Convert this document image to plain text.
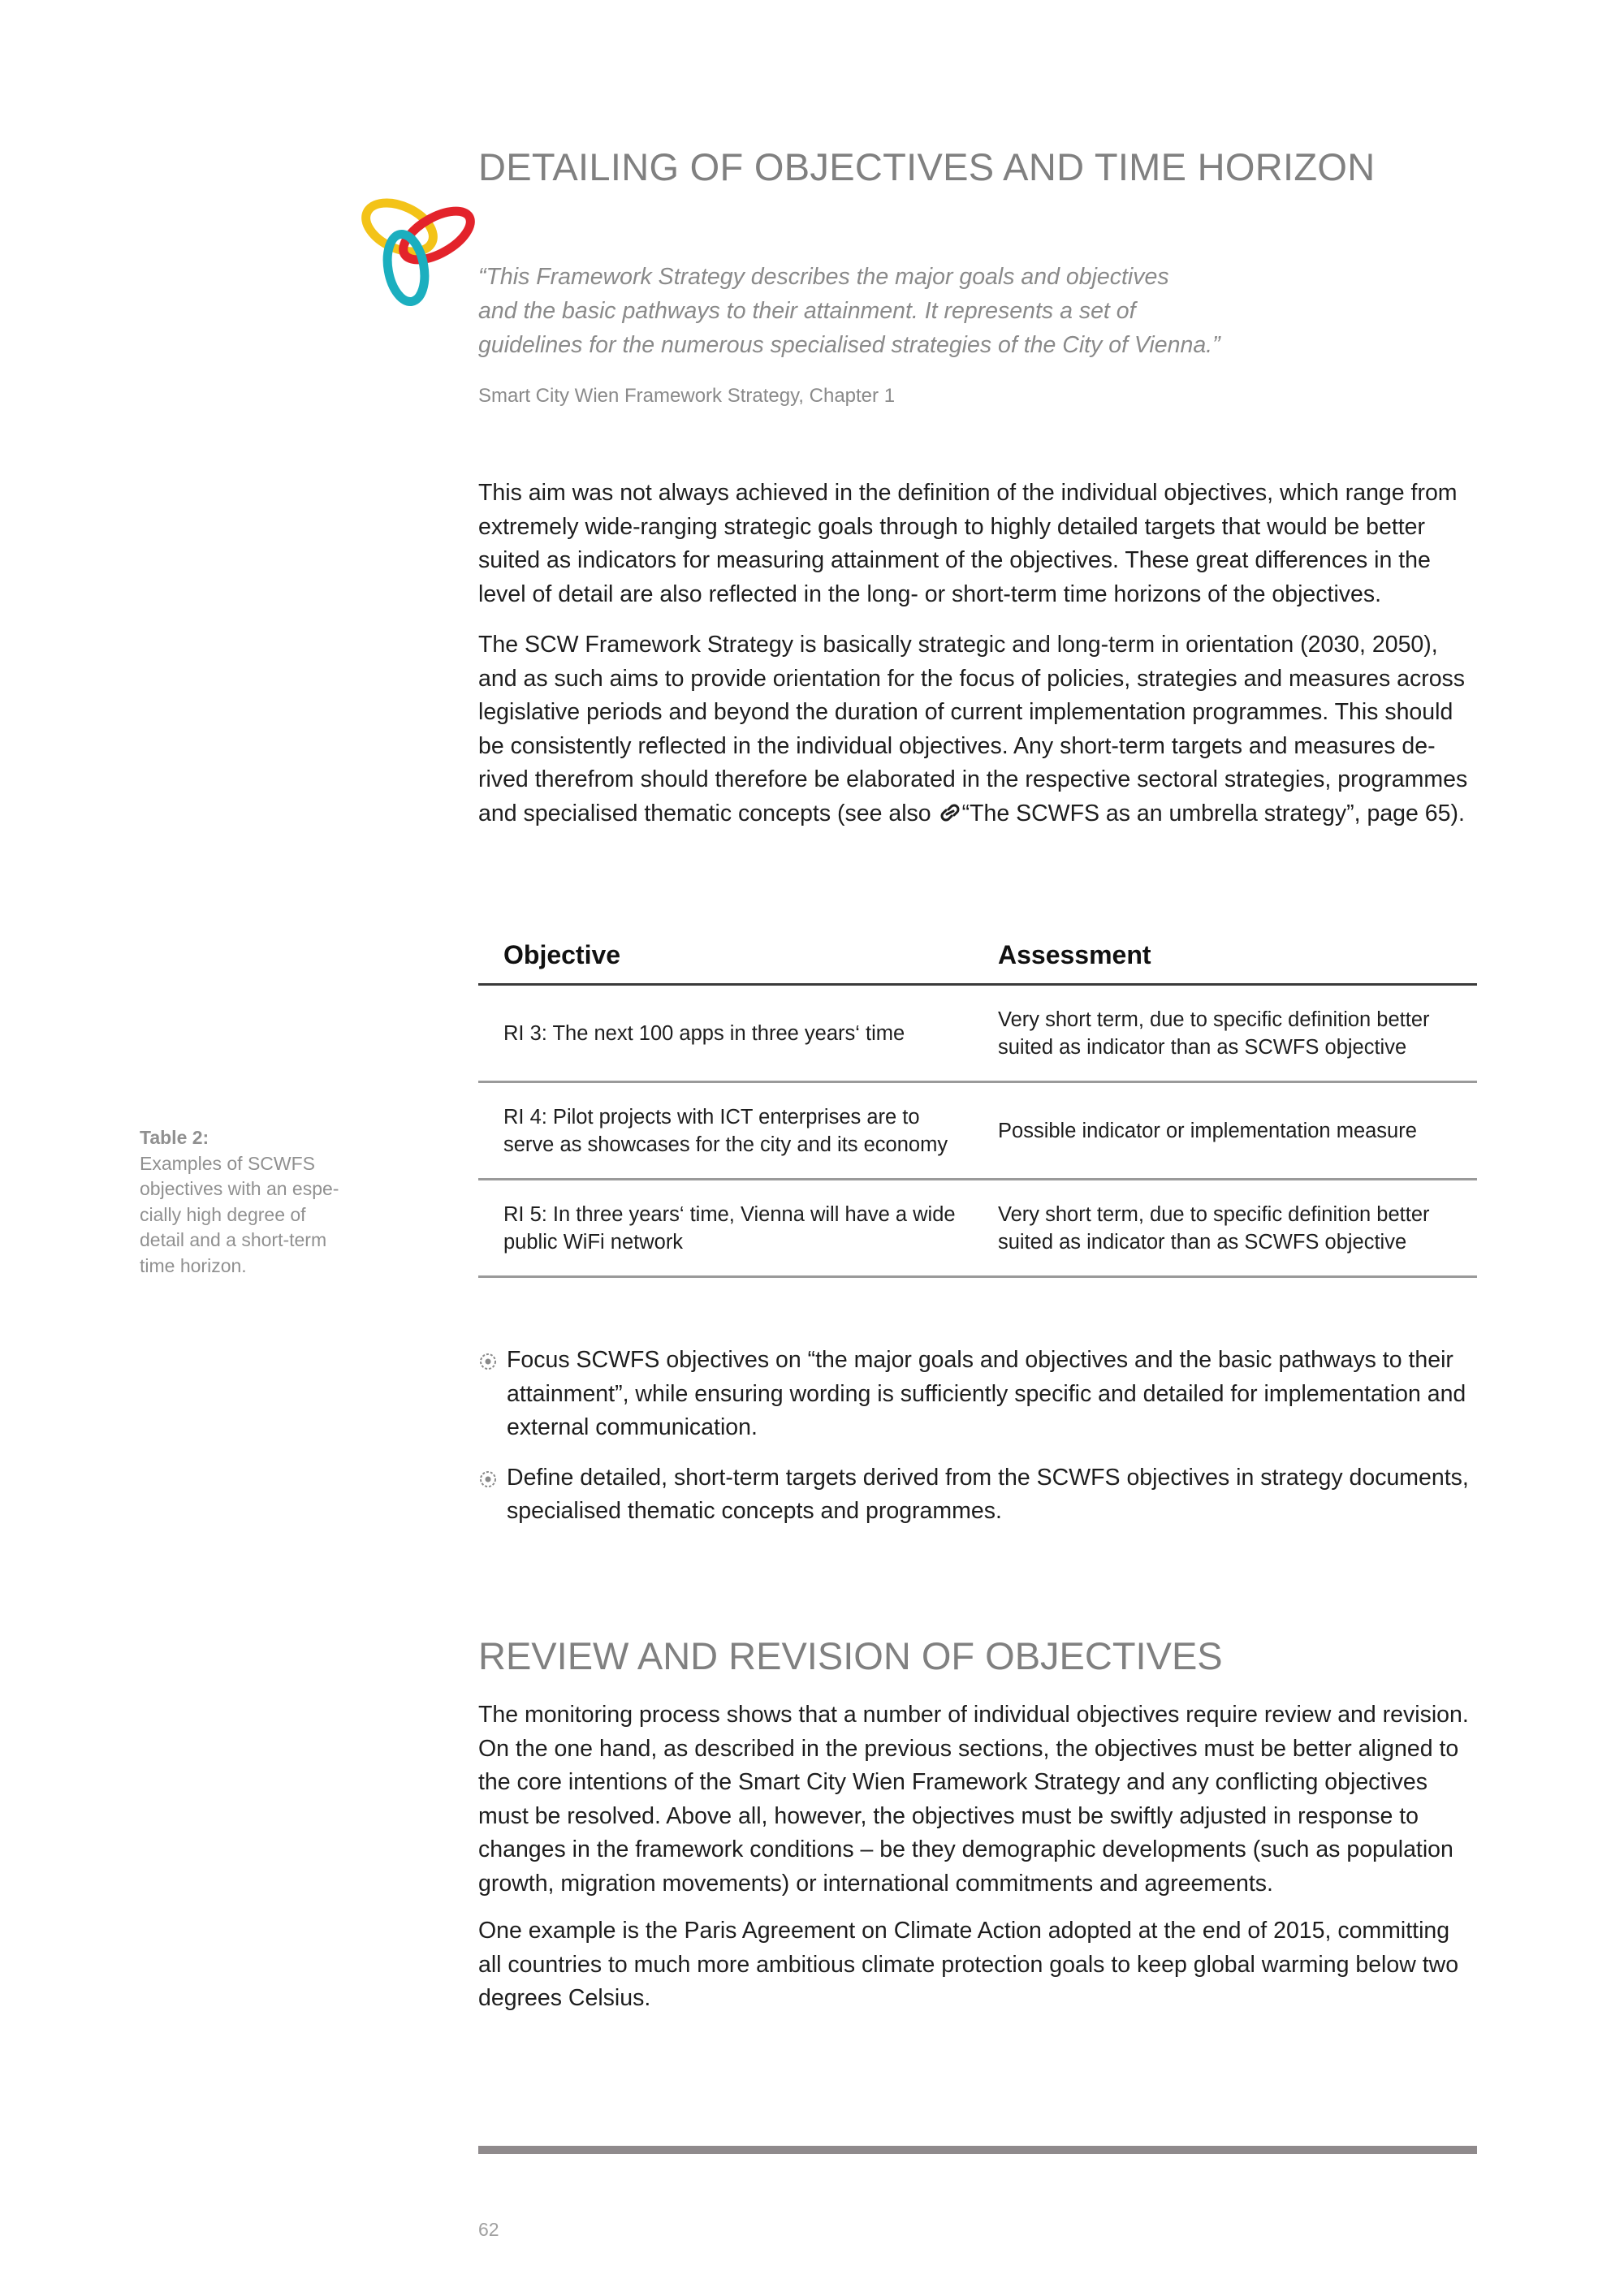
DETAILING OF OBJECTIVES AND TIME HORIZON

“This Framework Strategy describes the major goals and objectives
and the basic pathways to their attainment. It represents a set of
guidelines for the numerous specialised strategies of the City of Vienna.”

Smart City Wien Framework Strategy, Chapter 1

This aim was not always achieved in the definition of the individual objectives, which range from
extremely wide-ranging strategic goals through to highly detailed targets that would be better
suited as indicators for measuring attainment of the objectives. These great differences in the
level of detail are also reflected in the long- or short-term time horizons of the objectives.

The SCW Framework Strategy is basically strategic and long-term in orientation (2030, 2050),
and as such aims to provide orientation for the focus of policies, strategies and measures across
legislative periods and beyond the duration of current implementation programmes. This should
be consistently reflected in the individual objectives. Any short-term targets and measures de-
rived therefrom should therefore be elaborated in the respective sectoral strategies, programmes
and specialised thematic concepts (see also “The SCWFS as an umbrella strategy”, page 65).

Table 2:
Examples of SCWFS
objectives with an espe-
cially high degree of
detail and a short-term
time horizon.
Objective	Assessment
RI 3: The next 100 apps in three years‘ time
Very short term, due to specific definition better
suited as indicator than as SCWFS objective
RI 4: Pilot projects with ICT enterprises are to
serve as showcases for the city and its economy
Possible indicator or implementation measure
RI 5: In three years‘ time, Vienna will have a wide
public WiFi network
Very short term, due to specific definition better
suited as indicator than as SCWFS objective
Focus SCWFS objectives on “the major goals and objectives and the basic pathways to their
attainment”, while ensuring wording is sufficiently specific and detailed for implementation and
external communication.
Define detailed, short-term targets derived from the SCWFS objectives in strategy documents,
specialised thematic concepts and programmes.
REVIEW AND REVISION OF OBJECTIVES

The monitoring process shows that a number of individual objectives require review and revision.
On the one hand, as described in the previous sections, the objectives must be better aligned to
the core intentions of the Smart City Wien Framework Strategy and any conflicting objectives
must be resolved. Above all, however, the objectives must be swiftly adjusted in response to
changes in the framework conditions – be they demographic developments (such as population
growth, migration movements) or international commitments and agreements.

One example is the Paris Agreement on Climate Action adopted at the end of 2015, committing
all countries to much more ambitious climate protection goals to keep global warming below two
degrees Celsius.

62
